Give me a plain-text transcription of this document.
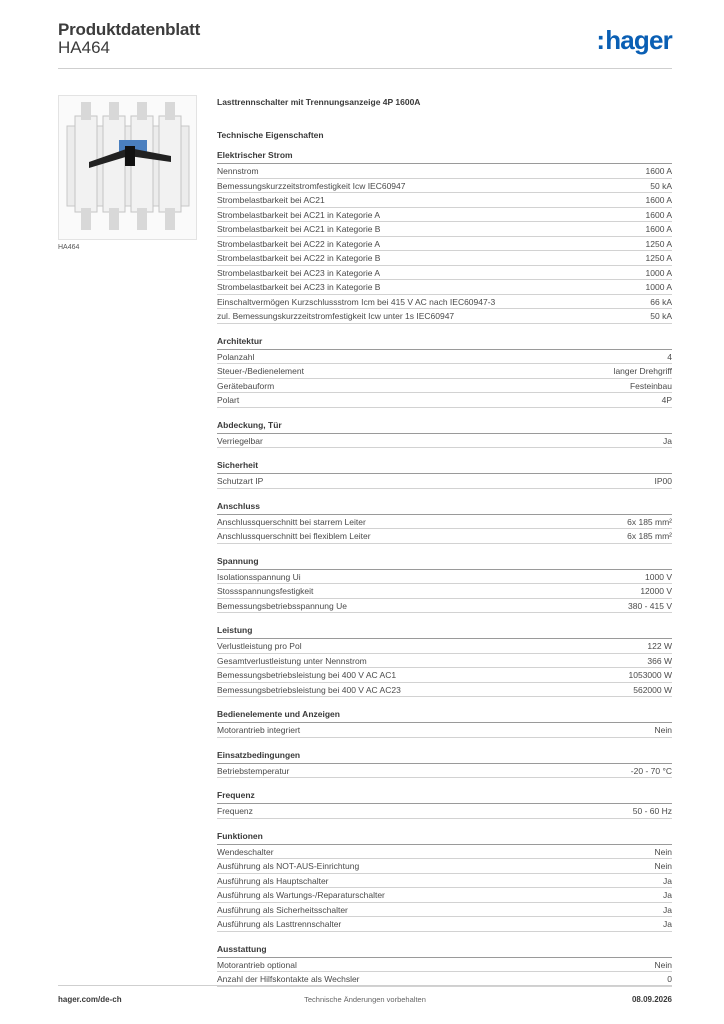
Produktdatenblatt
HA464	:hager
HA464
Lasttrennschalter mit Trennungsanzeige 4P 1600A
Technische Eigenschaften
Elektrischer Strom
Nennstrom	1600 A
Bemessungskurzzeitstromfestigkeit Icw IEC60947	50 kA
Strombelastbarkeit bei AC21	1600 A
Strombelastbarkeit bei AC21 in Kategorie A	1600 A
Strombelastbarkeit bei AC21 in Kategorie B	1600 A
Strombelastbarkeit bei AC22 in Kategorie A	1250 A
Strombelastbarkeit bei AC22 in Kategorie B	1250 A
Strombelastbarkeit bei AC23 in Kategorie A	1000 A
Strombelastbarkeit bei AC23 in Kategorie B	1000 A
Einschaltvermögen Kurzschlussstrom Icm bei 415 V AC nach IEC60947-3	66 kA
zul. Bemessungskurzzeitstromfestigkeit Icw unter 1s IEC60947	50 kA
Architektur
Polanzahl	4
Steuer-/Bedienelement	langer Drehgriff
Gerätebauform	Festeinbau
Polart	4P
Abdeckung, Tür
Verriegelbar	Ja
Sicherheit
Schutzart IP	IP00
Anschluss
Anschlussquerschnitt bei starrem Leiter	6x 185 mm²
Anschlussquerschnitt bei flexiblem Leiter	6x 185 mm²
Spannung
Isolationsspannung Ui	1000 V
Stossspannungsfestigkeit	12000 V
Bemessungsbetriebsspannung Ue	380 - 415 V
Leistung
Verlustleistung pro Pol	122 W
Gesamtverlustleistung unter Nennstrom	366 W
Bemessungsbetriebsleistung bei 400 V AC AC1	1053000 W
Bemessungsbetriebsleistung bei 400 V AC AC23	562000 W
Bedienelemente und Anzeigen
Motorantrieb integriert	Nein
Einsatzbedingungen
Betriebstemperatur	-20 - 70 °C
Frequenz
Frequenz	50 - 60 Hz
Funktionen
Wendeschalter	Nein
Ausführung als NOT-AUS-Einrichtung	Nein
Ausführung als Hauptschalter	Ja
Ausführung als Wartungs-/Reparaturschalter	Ja
Ausführung als Sicherheitsschalter	Ja
Ausführung als Lasttrennschalter	Ja
Ausstattung
Motorantrieb optional	Nein
Anzahl der Hilfskontakte als Wechsler	0
hager.com/de-ch	Technische Änderungen vorbehalten	08.09.2026
